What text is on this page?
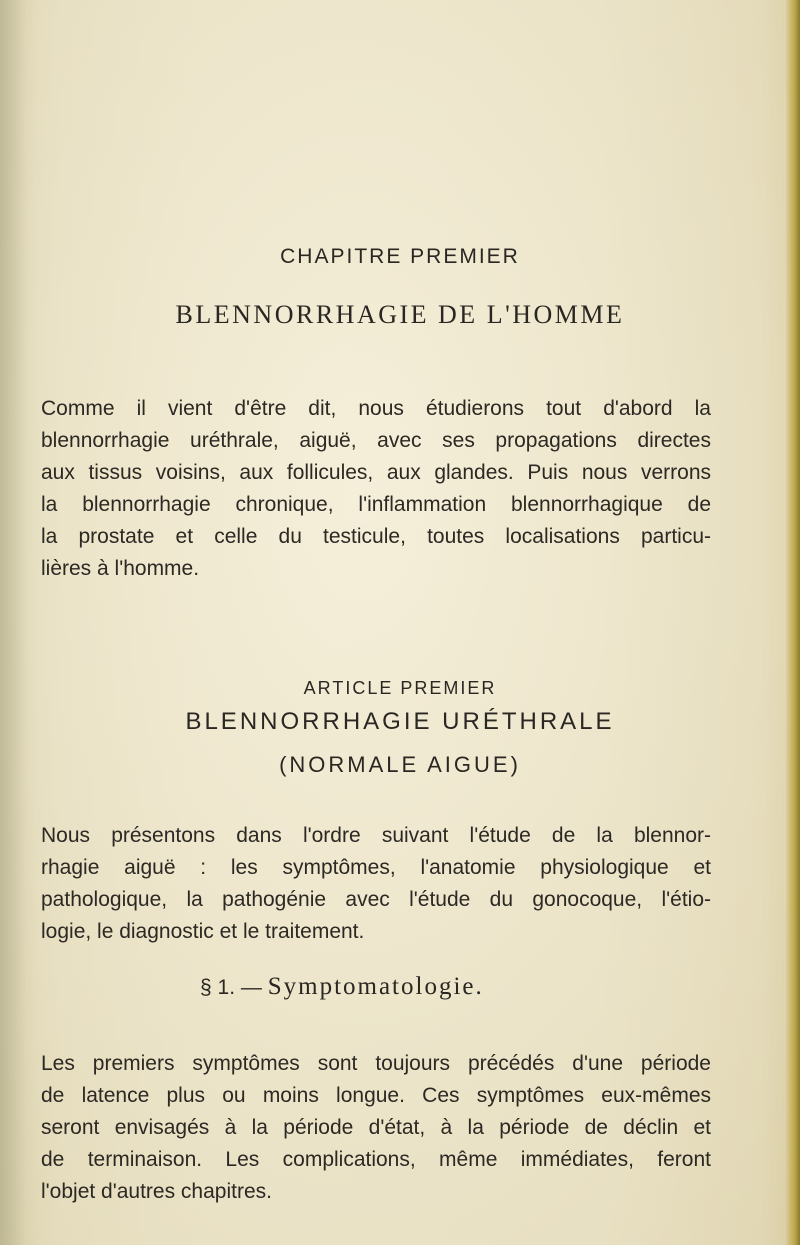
CHAPITRE PREMIER
BLENNORRHAGIE DE L'HOMME
Comme il vient d'être dit, nous étudierons tout d'abord la
blennorrhagie uréthrale, aiguë, avec ses propagations directes
aux tissus voisins, aux follicules, aux glandes. Puis nous verrons
la blennorrhagie chronique, l'inflammation blennorrhagique de
la prostate et celle du testicule, toutes localisations particu-
lières à l'homme.
ARTICLE PREMIER
BLENNORRHAGIE URÉTHRALE
(NORMALE AIGUE)
Nous présentons dans l'ordre suivant l'étude de la blennor-
rhagie aiguë : les symptômes, l'anatomie physiologique et
pathologique, la pathogénie avec l'étude du gonocoque, l'étio-
logie, le diagnostic et le traitement.
§ 1. — Symptomatologie.
Les premiers symptômes sont toujours précédés d'une période
de latence plus ou moins longue. Ces symptômes eux-mêmes
seront envisagés à la période d'état, à la période de déclin et
de terminaison. Les complications, même immédiates, feront
l'objet d'autres chapitres.
